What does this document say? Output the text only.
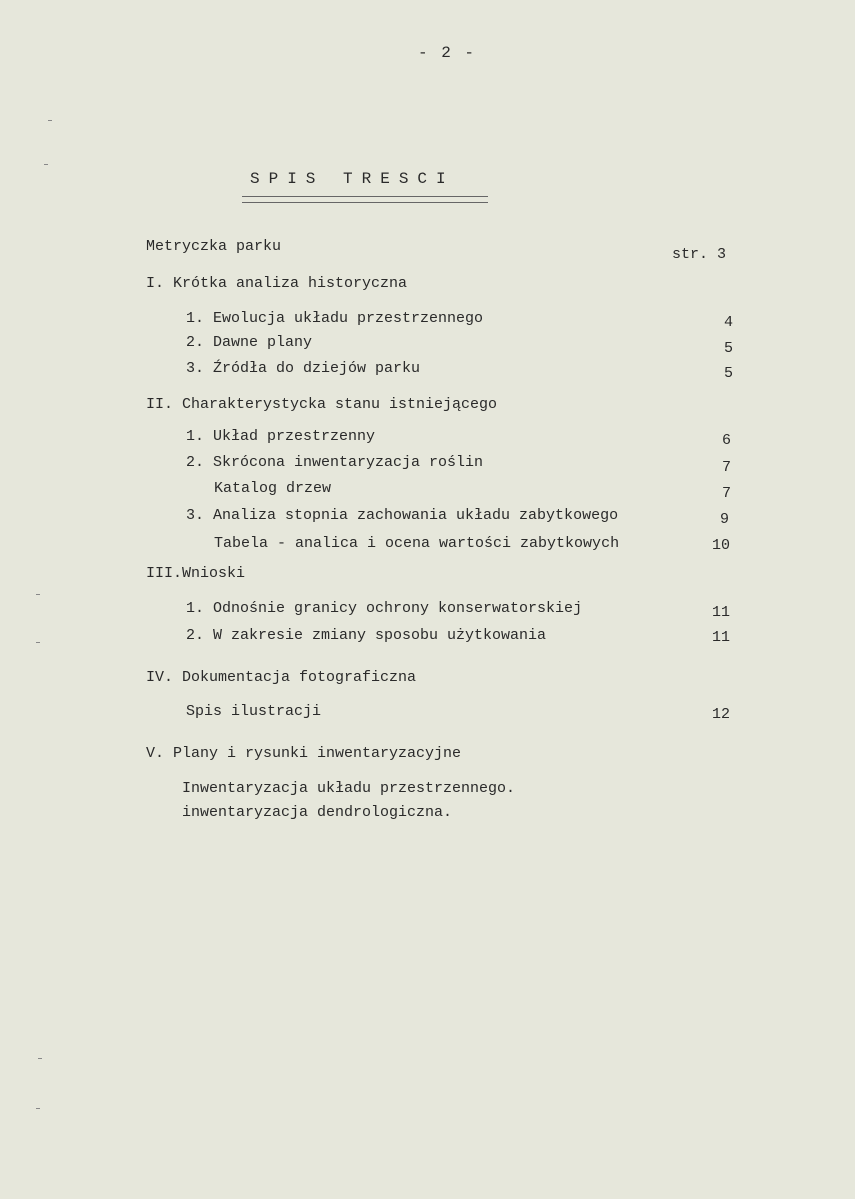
- 2 -
SPIS TRESCI
Metryczka parku	str. 3
I. Krótka analiza historyczna
1. Ewolucja układu przestrzennego	4
2. Dawne plany	5
3. Źródła do dziejów parku	5
II. Charakterystycka stanu istniejącego
1. Układ przestrzenny	6
2. Skrócona inwentaryzacja roślin	7
Katalog drzew	7
3. Analiza stopnia zachowania układu zabytkowego	9
Tabela - analica i ocena wartości zabytkowych	10
III.Wnioski
1. Odnośnie granicy ochrony konserwatorskiej	11
2. W zakresie zmiany sposobu użytkowania	11
IV. Dokumentacja fotograficzna
Spis ilustracji	12
V. Plany i rysunki inwentaryzacyjne
Inwentaryzacja układu przestrzennego.
inwentaryzacja dendrologiczna.
